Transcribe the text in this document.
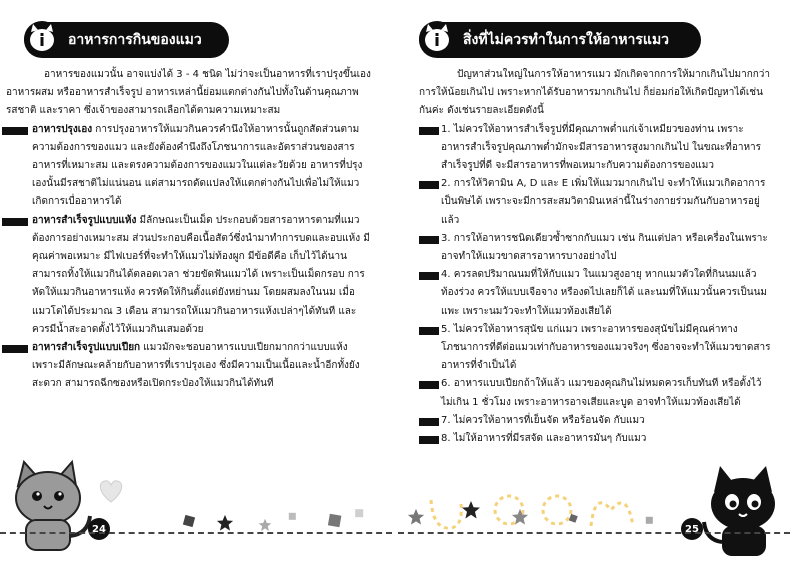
อาหารการกินของแมว

อาหารของแมวนั้น อาจแบ่งได้ 3 - 4 ชนิด ไม่ว่าจะเป็นอาหารที่เราปรุงขึ้นเอง อาหารผสม หรืออาหารสำเร็จรูป อาหารเหล่านี้ย่อมแตกต่างกันไปทั้งในด้านคุณภาพ รสชาติ และราคา ซึ่งเจ้าของสามารถเลือกได้ตามความเหมาะสม

อาหารปรุงเอง การปรุงอาหารให้แมวกินควรคำนึงให้อาหารนั้นถูกสัดส่วนตามความต้องการของแมว และยังต้องคำนึงถึงโภชนาการและอัตราส่วนของสารอาหารที่เหมาะสม และตรงความต้องการของแมวในแต่ละวัยด้วย อาหารที่ปรุงเองนั้นมีรสชาติไม่แน่นอน แต่สามารถดัดแปลงให้แตกต่างกันไปเพื่อไม่ให้แมวเกิดการเบื่ออาหารได้

อาหารสำเร็จรูปแบบแห้ง มีลักษณะเป็นเม็ด ประกอบด้วยสารอาหารตามที่แมวต้องการอย่างเหมาะสม ส่วนประกอบคือเนื้อสัตว์ซึ่งนำมาทำการบดและอบแห้ง มีคุณค่าพอเหมาะ มีไฟเบอร์ที่จะทำให้แมวไม่ท้องผูก มีข้อดีคือ เก็บไว้ได้นาน สามารถทิ้งให้แมวกินได้ตลอดเวลา ช่วยขัดฟันแมวได้ เพราะเป็นเม็ดกรอบ การหัดให้แมวกินอาหารแห้ง ควรหัดให้กินตั้งแต่ยังหย่านม โดยผสมลงในนม เมื่อแมวโตได้ประมาณ 3 เดือน สามารถให้แมวกินอาหารแห้งเปล่าๆได้ทันที และควรมีน้ำสะอาดตั้งไว้ให้แมวกินเสมอด้วย

อาหารสำเร็จรูปแบบเปียก แมวมักจะชอบอาหารแบบเปียกมากกว่าแบบแห้ง เพราะมีลักษณะคล้ายกับอาหารที่เราปรุงเอง ซึ่งมีความเป็นเนื้อและน้ำอีกทั้งยังสะดวก สามารถฉีกซองหรือเปิดกระป๋องให้แมวกินได้ทันที

24
สิ่งที่ไม่ควรทำในการให้อาหารแมว

ปัญหาส่วนใหญ่ในการให้อาหารแมว มักเกิดจากการให้มากเกินไปมากกว่าการให้น้อยเกินไป เพราะหากได้รับอาหารมากเกินไป ก็ย่อมก่อให้เกิดปัญหาได้เช่นกันค่ะ ดังเช่นรายละเอียดดังนี้

1. ไม่ควรให้อาหารสำเร็จรูปที่มีคุณภาพต่ำแก่เจ้าเหมียวของท่าน เพราะอาหารสำเร็จรูปคุณภาพต่ำมักจะมีสารอาหารสูงมากเกินไป ในขณะที่อาหารสำเร็จรูปที่ดี จะมีสารอาหารที่พอเหมาะกับความต้องการของแมว

2. การให้วิตามิน A, D และ E เพิ่มให้แมวมากเกินไป จะทำให้แมวเกิดอาการเป็นพิษได้ เพราะจะมีการสะสมวิตามินเหล่านี้ในร่างกายร่วมกันกับอาหารอยู่แล้ว

3. การให้อาหารชนิดเดียวซ้ำซากกับแมว เช่น กินแต่ปลา หรือเครื่องในเพราะอาจทำให้แมวขาดสารอาหารบางอย่างไป

4. ควรลดปริมาณนมที่ให้กับแมว ในแมวสูงอายุ หากแมวตัวใดที่กินนมแล้วท้องร่วง ควรให้แบบเจือจาง หรืองดไปเลยก็ได้ และนมที่ให้แมวนั้นควรเป็นนมแพะ เพราะนมวัวจะทำให้แมวท้องเสียได้

5. ไม่ควรให้อาหารสุนัข แก่แมว เพราะอาหารของสุนัขไม่มีคุณค่าทางโภชนาการที่ดีต่อแมวเท่ากับอาหารของแมวจริงๆ ซึ่งอาจจะทำให้แมวขาดสารอาหารที่จำเป็นได้

6. อาหารแบบเปียกถ้าให้แล้ว แมวของคุณกินไม่หมดควรเก็บทันที หรือตั้งไว้ไม่เกิน 1 ชั่วโมง เพราะอาหารอาจเสียและบูด อาจทำให้แมวท้องเสียได้

7. ไม่ควรให้อาหารที่เย็นจัด หรือร้อนจัด กับแมว

8. ไม่ให้อาหารที่มีรสจัด และอาหารมันๆ กับแมว

25
